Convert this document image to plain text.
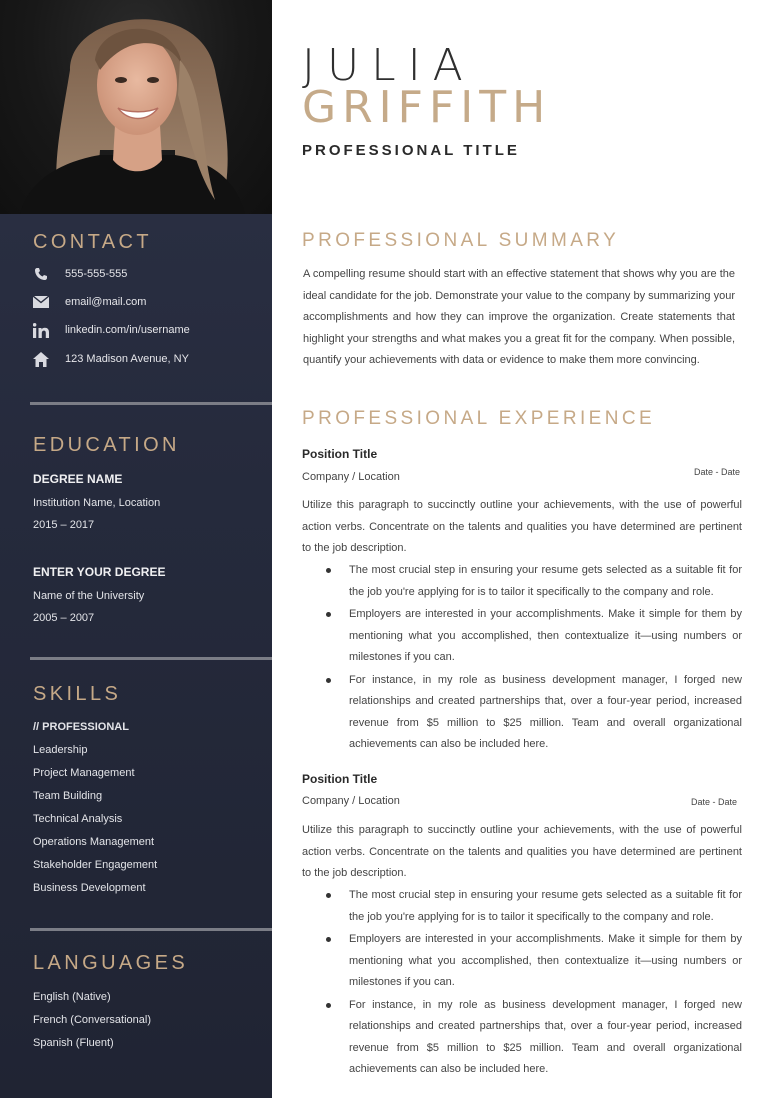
CONTACT
555-555-555
email@mail.com
linkedin.com/in/username
123 Madison Avenue, NY
EDUCATION
DEGREE NAME
Institution Name, Location
2015 – 2017
ENTER YOUR DEGREE
Name of the University
2005 – 2007
SKILLS
// PROFESSIONAL
Leadership
Project Management
Team Building
Technical Analysis
Operations Management
Stakeholder Engagement
Business Development
LANGUAGES
English (Native)
French (Conversational)
Spanish (Fluent)
JULIA
GRIFFITH
PROFESSIONAL TITLE
PROFESSIONAL SUMMARY

A compelling resume should start with an effective statement that shows why you are the ideal candidate for the job. Demonstrate your value to the company by summarizing your accomplishments and how they can improve the organization. Create statements that highlight your strengths and what makes you a great fit for the company. When possible, quantify your achievements with data or evidence to make them more convincing.

PROFESSIONAL EXPERIENCE
Position Title
Company / Location	Date - Date

Utilize this paragraph to succinctly outline your achievements, with the use of powerful action verbs. Concentrate on the talents and qualities you have determined are pertinent to the job description.

The most crucial step in ensuring your resume gets selected as a suitable fit for the job you're applying for is to tailor it specifically to the company and role.
Employers are interested in your accomplishments. Make it simple for them by mentioning what you accomplished, then contextualize it—using numbers or milestones if you can.
For instance, in my role as business development manager, I forged new relationships and created partnerships that, over a four-year period, increased revenue from $5 million to $25 million. Team and overall organizational achievements can also be included here.
Position Title
Company / Location	Date - Date

Utilize this paragraph to succinctly outline your achievements, with the use of powerful action verbs. Concentrate on the talents and qualities you have determined are pertinent to the job description.

The most crucial step in ensuring your resume gets selected as a suitable fit for the job you're applying for is to tailor it specifically to the company and role.
Employers are interested in your accomplishments. Make it simple for them by mentioning what you accomplished, then contextualize it—using numbers or milestones if you can.
For instance, in my role as business development manager, I forged new relationships and created partnerships that, over a four-year period, increased revenue from $5 million to $25 million. Team and overall organizational achievements can also be included here.
